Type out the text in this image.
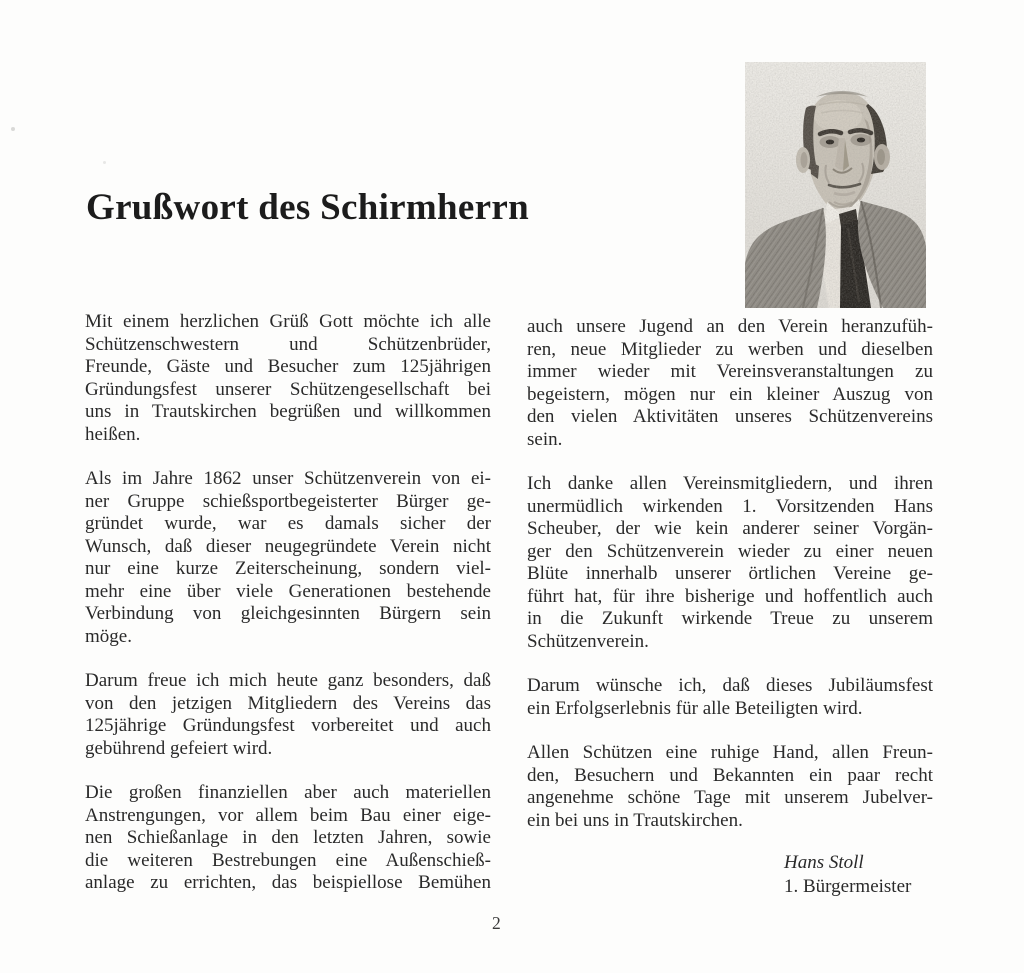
Grußwort des Schirmherrn
Mit einem herzlichen Grüß Gott möchte ich alle
Schützenschwestern und Schützenbrüder,
Freunde, Gäste und Besucher zum 125jährigen
Gründungsfest unserer Schützengesellschaft bei
uns in Trautskirchen begrüßen und willkommen
heißen.
Als im Jahre 1862 unser Schützenverein von ei-
ner Gruppe schießsportbegeisterter Bürger ge-
gründet wurde, war es damals sicher der
Wunsch, daß dieser neugegründete Verein nicht
nur eine kurze Zeiterscheinung, sondern viel-
mehr eine über viele Generationen bestehende
Verbindung von gleichgesinnten Bürgern sein
möge.
Darum freue ich mich heute ganz besonders, daß
von den jetzigen Mitgliedern des Vereins das
125jährige Gründungsfest vorbereitet und auch
gebührend gefeiert wird.
Die großen finanziellen aber auch materiellen
Anstrengungen, vor allem beim Bau einer eige-
nen Schießanlage in den letzten Jahren, sowie
die weiteren Bestrebungen eine Außenschieß-
anlage zu errichten, das beispiellose Bemühen
auch unsere Jugend an den Verein heranzufüh-
ren, neue Mitglieder zu werben und dieselben
immer wieder mit Vereinsveranstaltungen zu
begeistern, mögen nur ein kleiner Auszug von
den vielen Aktivitäten unseres Schützenvereins
sein.
Ich danke allen Vereinsmitgliedern, und ihren
unermüdlich wirkenden 1. Vorsitzenden Hans
Scheuber, der wie kein anderer seiner Vorgän-
ger den Schützenverein wieder zu einer neuen
Blüte innerhalb unserer örtlichen Vereine ge-
führt hat, für ihre bisherige und hoffentlich auch
in die Zukunft wirkende Treue zu unserem
Schützenverein.
Darum wünsche ich, daß dieses Jubiläumsfest
ein Erfolgserlebnis für alle Beteiligten wird.
Allen Schützen eine ruhige Hand, allen Freun-
den, Besuchern und Bekannten ein paar recht
angenehme schöne Tage mit unserem Jubelver-
ein bei uns in Trautskirchen.
Hans Stoll
1. Bürgermeister
2
